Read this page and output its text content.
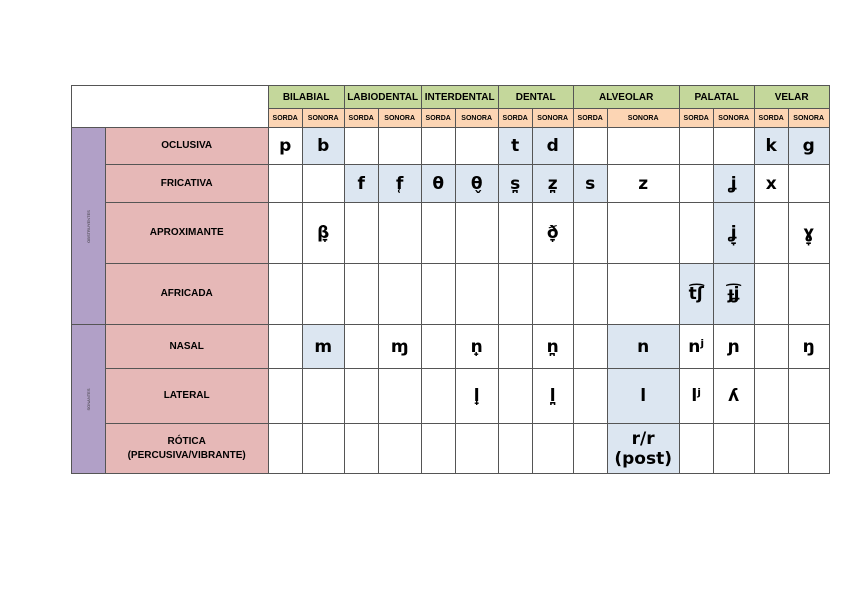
		BILABIAL		LABIODENTAL		INTERDENTAL		DENTAL		ALVEOLAR		PALATAL		VELAR	
		SORDA	SONORA	SORDA	SONORA	SORDA	SONORA	SORDA	SONORA	SORDA	SONORA	SORDA	SONORA	SORDA	SONORA

OBSTRUYENTES	OCLUSIVA	p	b					t	d					k	g
	FRICATIVA			f	f̜	θ	θ̬	s̪	z̪	s	z		ʝ	x	
	APROXIMANTE		β̞						ð̞				ʝ̞		ɣ̞
	AFRICADA											t͡ʃ	ɟ͡ʝ		

SONANTES	NASAL		m		ɱ		n̟		n̪		n	nʲ	ɲ		ŋ
	LATERAL						l̟		l̪		l	lʲ	ʎ		
	RÓTICA
(PERCUSIVA/VIBRANTE)										r/r
(post)				
